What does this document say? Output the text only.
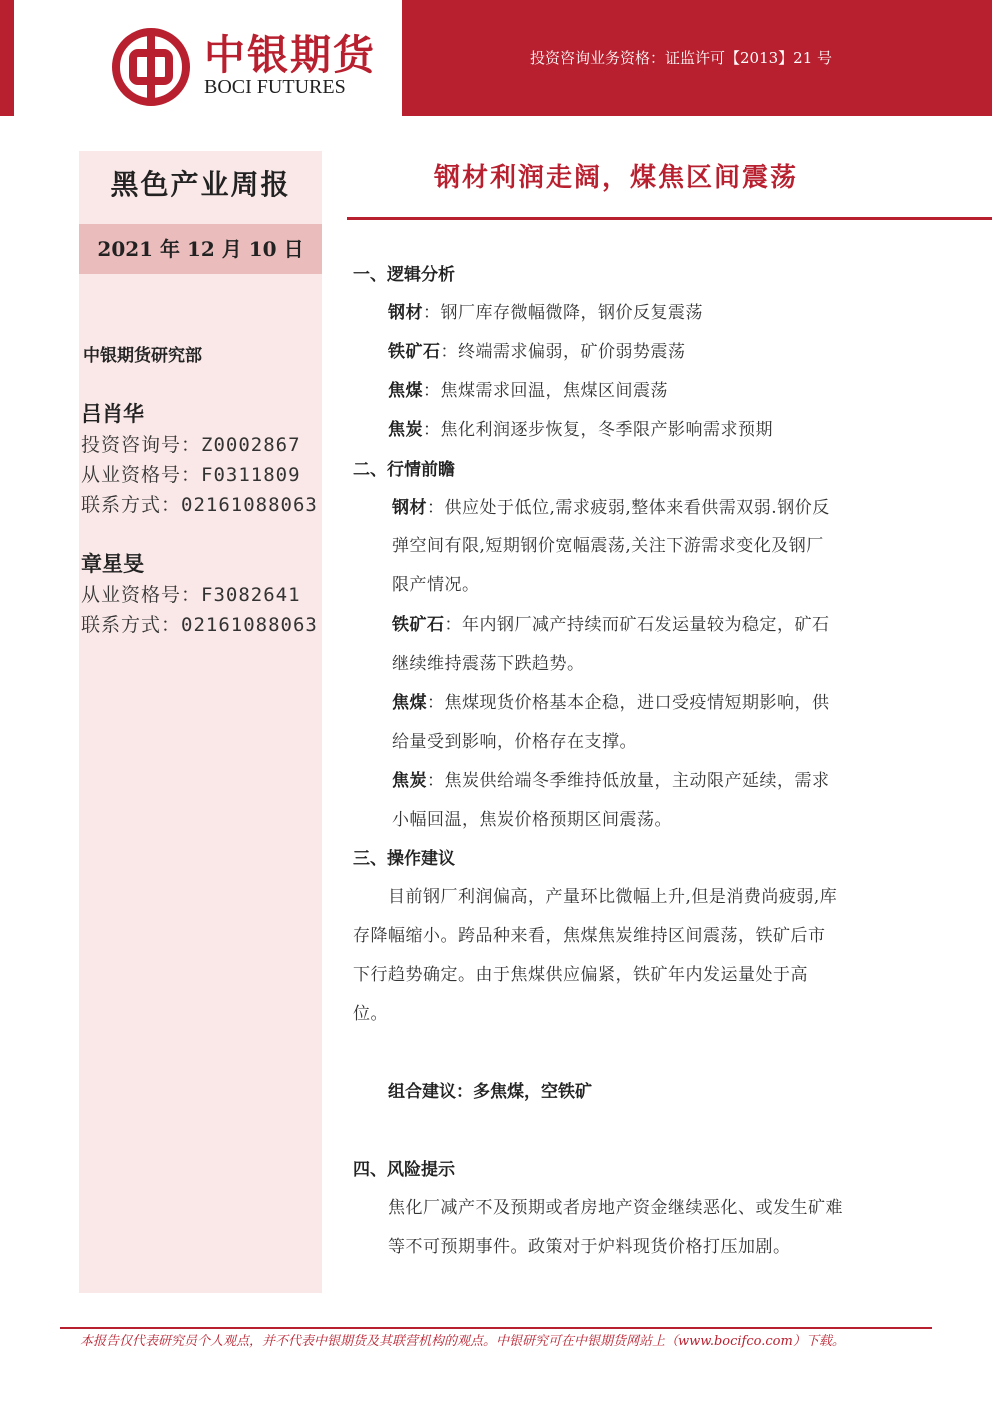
投资咨询业务资格：证监许可【2013】21 号
中银期货
BOCI FUTURES
黑色产业周报
2021 年 12 月 10 日
中银期货研究部
吕肖华
投资咨询号：Z0002867
从业资格号：F0311809
联系方式：02161088063
章星旻
从业资格号：F3082641
联系方式：02161088063
钢材利润走阔，煤焦区间震荡
一、逻辑分析
钢材：钢厂库存微幅微降，钢价反复震荡
铁矿石：终端需求偏弱，矿价弱势震荡
焦煤：焦煤需求回温，焦煤区间震荡
焦炭：焦化利润逐步恢复，冬季限产影响需求预期
二、行情前瞻
钢材：供应处于低位,需求疲弱,整体来看供需双弱.钢价反
弹空间有限,短期钢价宽幅震荡,关注下游需求变化及钢厂
限产情况。
铁矿石：年内钢厂减产持续而矿石发运量较为稳定，矿石
继续维持震荡下跌趋势。
焦煤：焦煤现货价格基本企稳，进口受疫情短期影响，供
给量受到影响，价格存在支撑。
焦炭：焦炭供给端冬季维持低放量，主动限产延续，需求
小幅回温，焦炭价格预期区间震荡。
三、操作建议
目前钢厂利润偏高，产量环比微幅上升,但是消费尚疲弱,库
存降幅缩小。跨品种来看，焦煤焦炭维持区间震荡，铁矿后市
下行趋势确定。由于焦煤供应偏紧，铁矿年内发运量处于高
位。
组合建议：多焦煤，空铁矿
四、风险提示
焦化厂减产不及预期或者房地产资金继续恶化、或发生矿难
等不可预期事件。政策对于炉料现货价格打压加剧。
本报告仅代表研究员个人观点，并不代表中银期货及其联营机构的观点。中银研究可在中银期货网站上（www.bocifco.com）下载。
